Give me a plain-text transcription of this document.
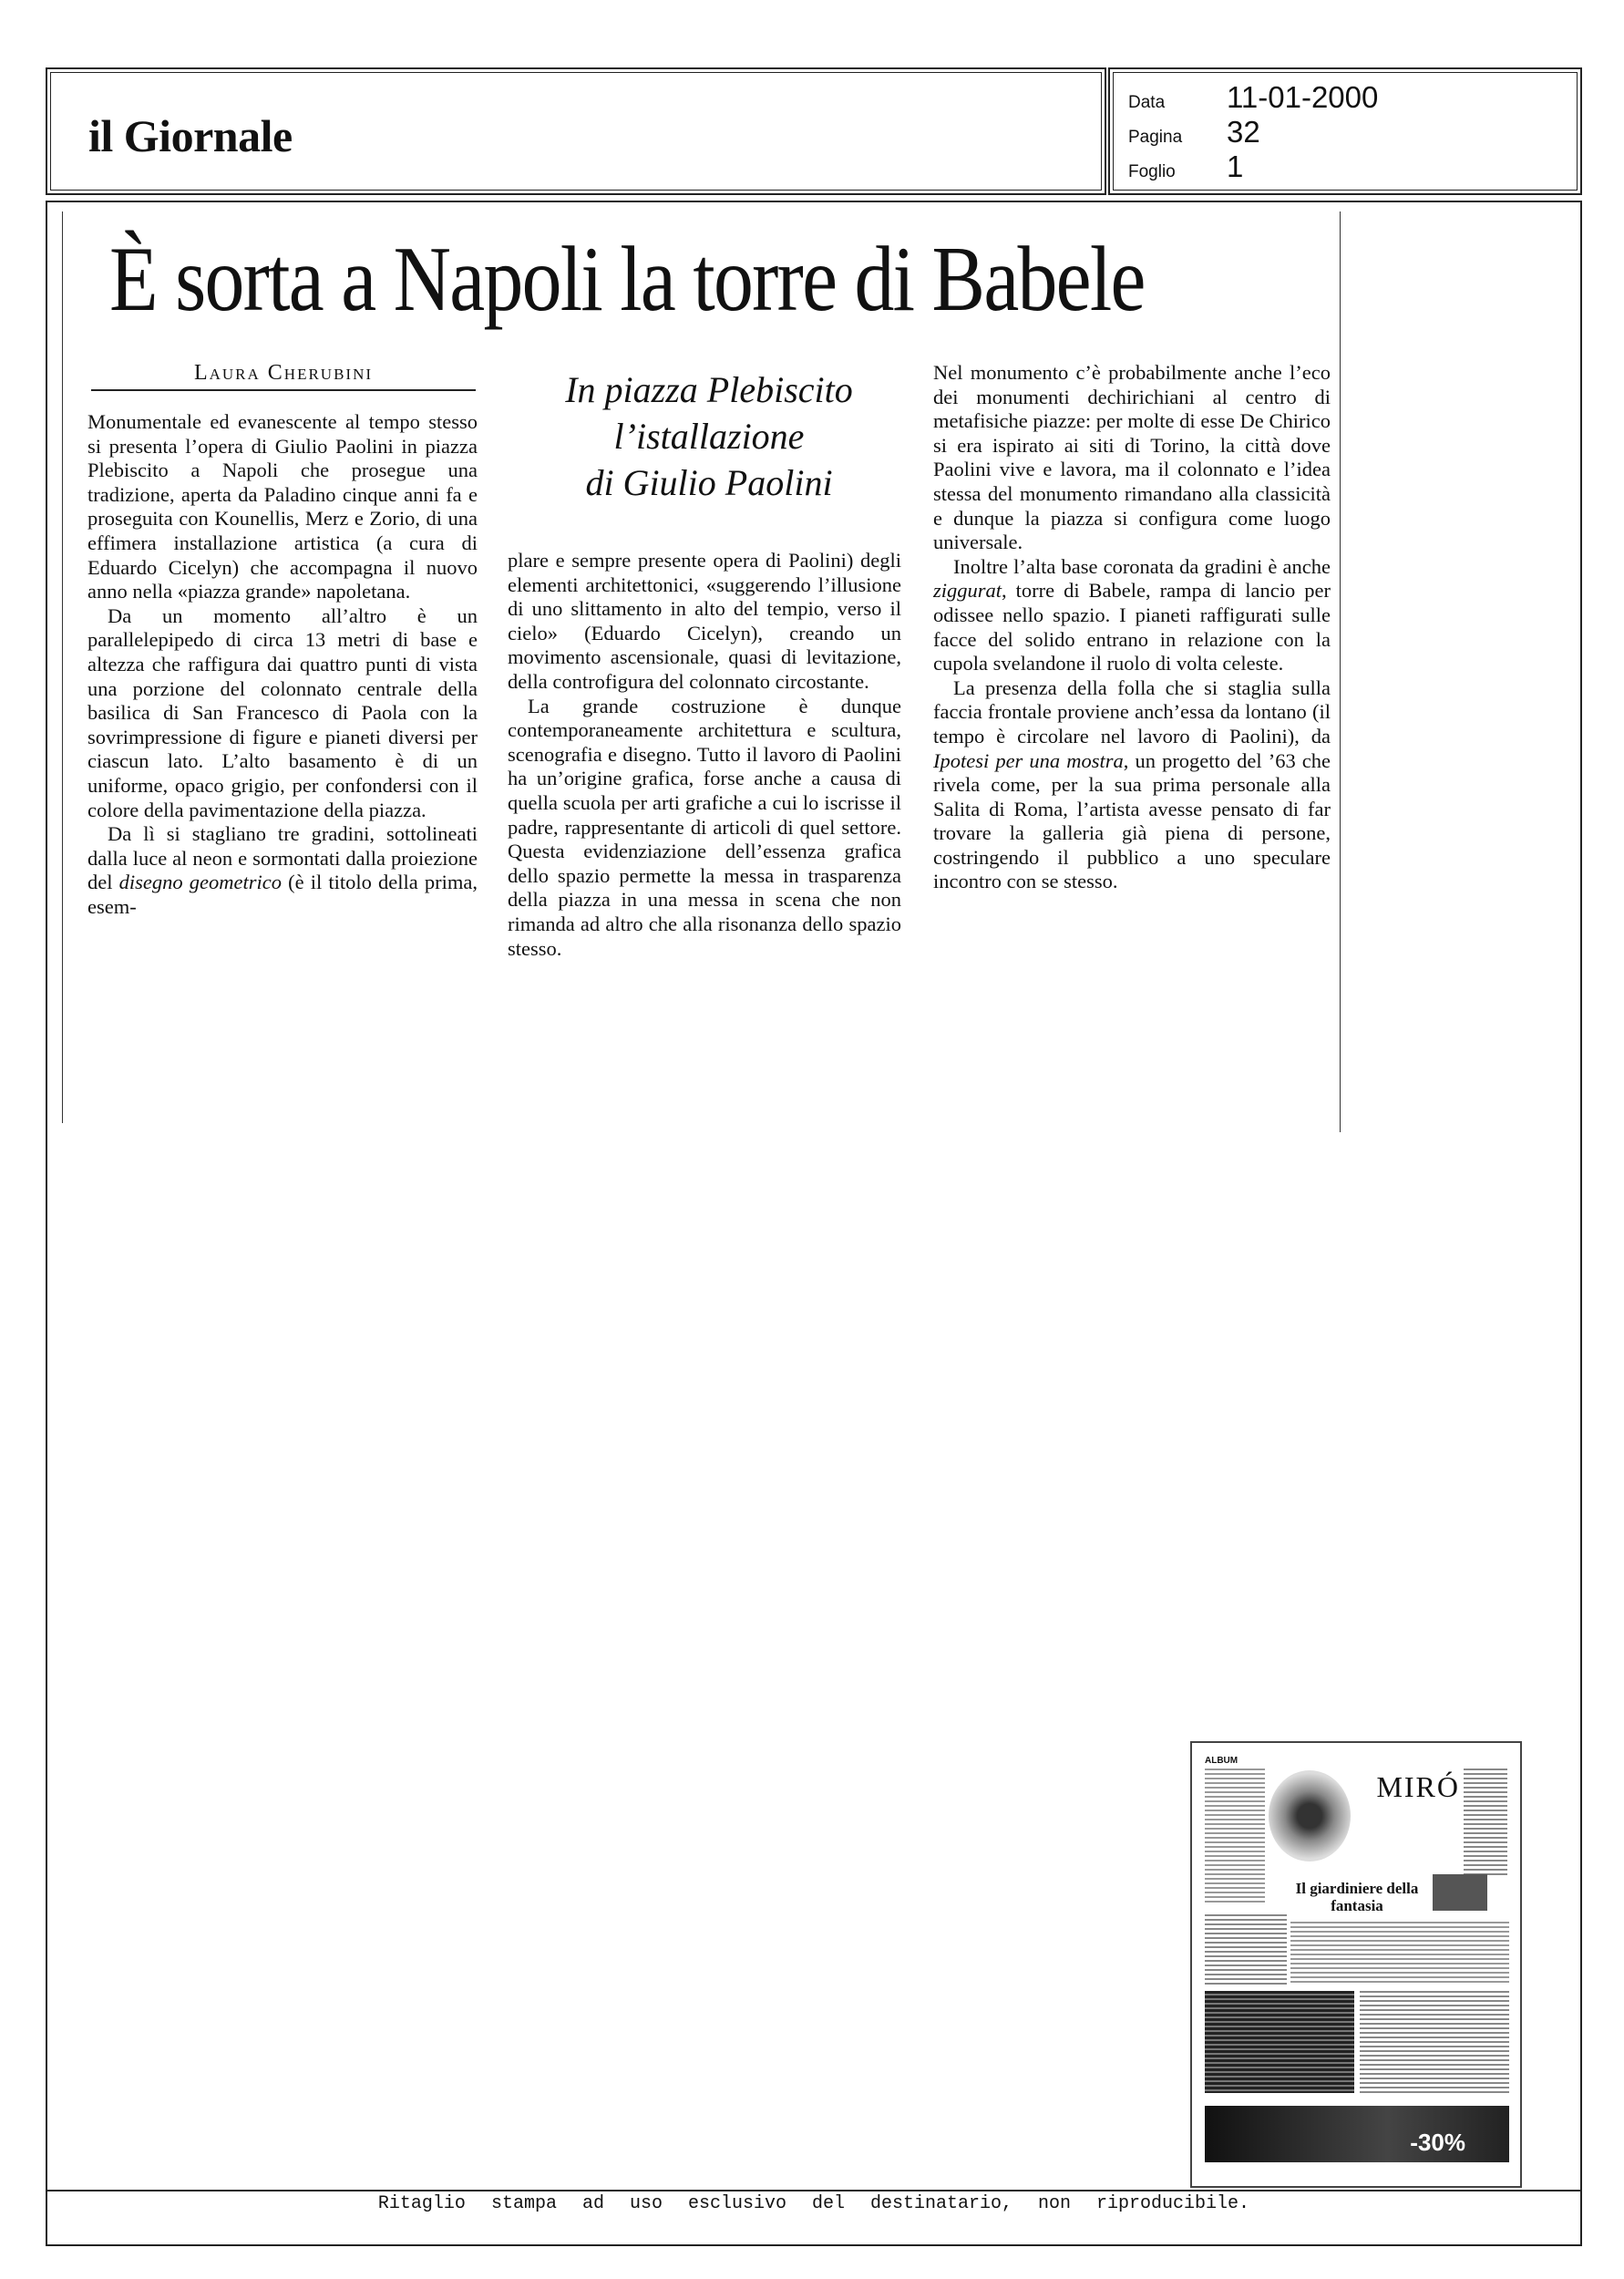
il Giornale
Data	11-01-2000
Pagina	32
Foglio	1
È sorta a Napoli la torre di Babele
Laura Cherubini

Monumentale ed evanescente al tempo stesso si presenta l’opera di Giulio Paolini in piazza Plebiscito a Napoli che prosegue una tradizione, aperta da Paladino cinque anni fa e proseguita con Kounellis, Merz e Zorio, di una effimera installazione artistica (a cura di Eduardo Cicelyn) che accompagna il nuovo anno nella «piazza grande» napoletana.

Da un momento all’altro è un parallelepipedo di circa 13 metri di base e altezza che raffigura dai quattro punti di vista una porzione del colonnato centrale della basilica di San Francesco di Paola con la sovrimpressione di figure e pianeti diversi per ciascun lato. L’alto basamento è di un uniforme, opaco grigio, per confondersi con il colore della pavimentazione della piazza.

Da lì si stagliano tre gradini, sottolineati dalla luce al neon e sormontati dalla proiezione del disegno geometrico (è il titolo della prima, esem-

In piazza Plebiscito
l’istallazione
di Giulio Paolini

plare e sempre presente opera di Paolini) degli elementi architettonici, «suggerendo l’illusione di uno slittamento in alto del tempio, verso il cielo» (Eduardo Cicelyn), creando un movimento ascensionale, quasi di levitazione, della controfigura del colonnato circostante.

La grande costruzione è dunque contemporaneamente architettura e scultura, scenografia e disegno. Tutto il lavoro di Paolini ha un’origine grafica, forse anche a causa di quella scuola per arti grafiche a cui lo iscrisse il padre, rappresentante di articoli di quel settore. Questa evidenziazione dell’essenza grafica dello spazio permette la messa in trasparenza della piazza in una messa in scena che non rimanda ad altro che alla risonanza dello spazio stesso.

Nel monumento c’è probabilmente anche l’eco dei monumenti dechirichiani al centro di metafisiche piazze: per molte di esse De Chirico si era ispirato ai siti di Torino, la città dove Paolini vive e lavora, ma il colonnato e l’idea stessa del monumento rimandano alla classicità e dunque la piazza si configura come luogo universale.

Inoltre l’alta base coronata da gradini è anche ziggurat, torre di Babele, rampa di lancio per odissee nello spazio. I pianeti raffigurati sulle facce del solido entrano in relazione con la cupola svelandone il ruolo di volta celeste.

La presenza della folla che si staglia sulla faccia frontale proviene anch’essa da lontano (il tempo è circolare nel lavoro di Paolini), da Ipotesi per una mostra, un progetto del ’63 che rivela come, per la sua prima personale alla Salita di Roma, l’artista avesse pensato di far trovare la galleria già piena di persone, costringendo il pubblico a uno speculare incontro con se stesso.

ALBUM
MIRÓ
Il giardiniere della fantasia
-30%
Ritaglio stampa ad uso esclusivo del destinatario, non riproducibile.
